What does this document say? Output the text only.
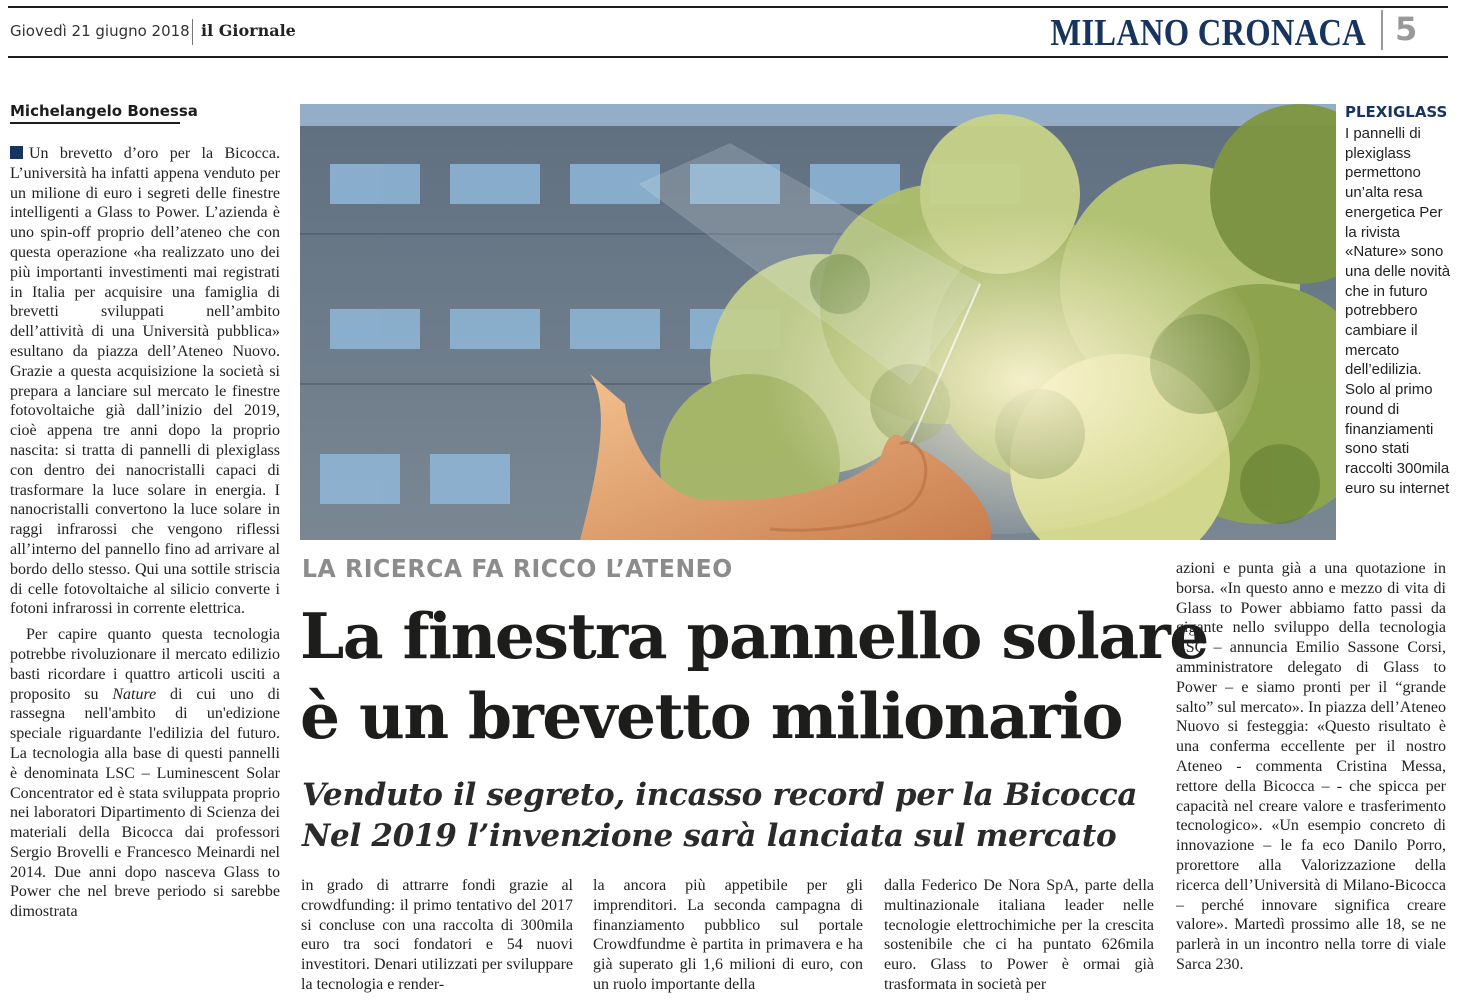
Giovedì 21 giugno 2018 il Giornale	MILANO CRONACA 5
Michelangelo Bonessa

Un brevetto d’oro per la Bicocca. L’università ha infatti appena venduto per un milione di euro i segreti delle finestre intelligenti a Glass to Power. L’azienda è uno spin-off proprio dell’ateneo che con questa operazione «ha realizzato uno dei più importanti investimenti mai registrati in Italia per acquisire una famiglia di brevetti sviluppati nell’ambito dell’attività di una Università pubblica» esultano da piazza dell’Ateneo Nuovo. Grazie a questa acquisizione la società si prepara a lanciare sul mercato le finestre fotovoltaiche già dall’inizio del 2019, cioè appena tre anni dopo la proprio nascita: si tratta di pannelli di plexiglass con dentro dei nanocristalli capaci di trasformare la luce solare in energia. I nanocristalli convertono la luce solare in raggi infrarossi che vengono riflessi all’interno del pannello fino ad arrivare al bordo dello stesso. Qui una sottile striscia di celle fotovoltaiche al silicio converte i fotoni infrarossi in corrente elettrica.

Per capire quanto questa tecnologia potrebbe rivoluzionare il mercato edilizio basti ricordare i quattro articoli usciti a proposito su Nature di cui uno di rassegna nell'ambito di un'edizione speciale riguardante l'edilizia del futuro. La tecnologia alla base di questi pannelli è denominata LSC – Luminescent Solar Concentrator ed è stata sviluppata proprio nei laboratori Dipartimento di Scienza dei materiali della Bicocca dai professori Sergio Brovelli e Francesco Meinardi nel 2014. Due anni dopo nasceva Glass to Power che nel breve periodo si sarebbe dimostrata

PLEXIGLASS
I pannelli di plexiglass permettono un’alta resa energetica Per la rivista «Nature» sono una delle novità che in futuro potrebbero cambiare il mercato dell’edilizia. Solo al primo round di finanziamenti sono stati raccolti 300mila euro su internet
LA RICERCA FA RICCO L’ATENEO
La finestra pannello solare
è un brevetto milionario
Venduto il segreto, incasso record per la Bicocca
Nel 2019 l’invenzione sarà lanciata sul mercato

in grado di attrarre fondi grazie al crowdfunding: il primo tentativo del 2017 si concluse con una raccolta di 300mila euro tra soci fondatori e 54 nuovi investitori. Denari utilizzati per sviluppare la tecnologia e render-

la ancora più appetibile per gli imprenditori. La seconda campagna di finanziamento pubblico sul portale Crowdfundme è partita in primavera e ha già superato gli 1,6 milioni di euro, con un ruolo importante della

dalla Federico De Nora SpA, parte della multinazionale italiana leader nelle tecnologie elettrochimiche per la crescita sostenibile che ci ha puntato 626mila euro. Glass to Power è ormai già trasformata in società per

azioni e punta già a una quotazione in borsa. «In questo anno e mezzo di vita di Glass to Power abbiamo fatto passi da gigante nello sviluppo della tecnologia LSC – annuncia Emilio Sassone Corsi, amministratore delegato di Glass to Power – e siamo pronti per il “grande salto” sul mercato». In piazza dell’Ateneo Nuovo si festeggia: «Questo risultato è una conferma eccellente per il nostro Ateneo - commenta Cristina Messa, rettore della Bicocca – - che spicca per capacità nel creare valore e trasferimento tecnologico». «Un esempio concreto di innovazione – le fa eco Danilo Porro, prorettore alla Valorizzazione della ricerca dell’Università di Milano-Bicocca – perché innovare significa creare valore». Martedì prossimo alle 18, se ne parlerà in un incontro nella torre di viale Sarca 230.
